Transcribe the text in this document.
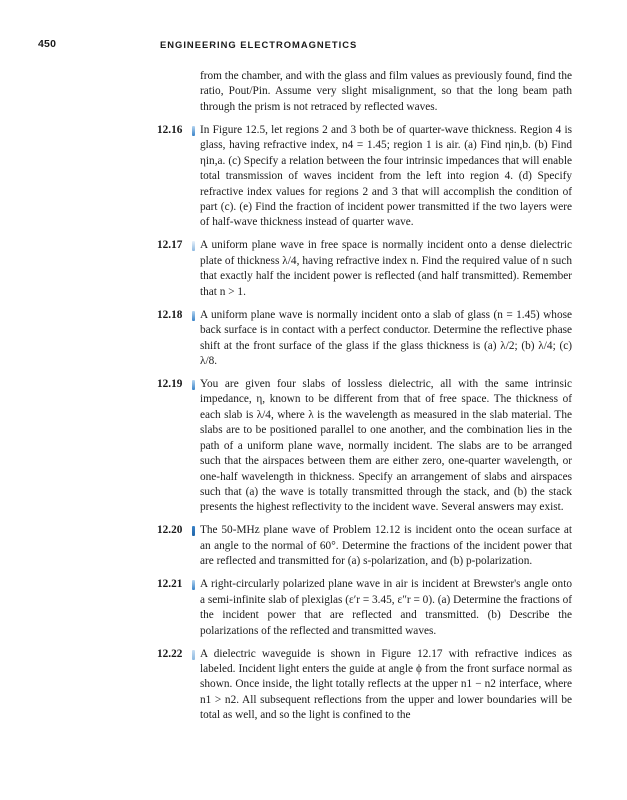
450	ENGINEERING ELECTROMAGNETICS

from the chamber, and with the glass and film values as previously found, find the ratio, Pout/Pin. Assume very slight misalignment, so that the long beam path through the prism is not retraced by reflected waves.

12.16	In Figure 12.5, let regions 2 and 3 both be of quarter-wave thickness. Region 4 is glass, having refractive index, n4 = 1.45; region 1 is air. (a) Find ηin,b. (b) Find ηin,a. (c) Specify a relation between the four intrinsic impedances that will enable total transmission of waves incident from the left into region 4. (d) Specify refractive index values for regions 2 and 3 that will accomplish the condition of part (c). (e) Find the fraction of incident power transmitted if the two layers were of half-wave thickness instead of quarter wave.

12.17	A uniform plane wave in free space is normally incident onto a dense dielectric plate of thickness λ/4, having refractive index n. Find the required value of n such that exactly half the incident power is reflected (and half transmitted). Remember that n > 1.

12.18	A uniform plane wave is normally incident onto a slab of glass (n = 1.45) whose back surface is in contact with a perfect conductor. Determine the reflective phase shift at the front surface of the glass if the glass thickness is (a) λ/2; (b) λ/4; (c) λ/8.

12.19	You are given four slabs of lossless dielectric, all with the same intrinsic impedance, η, known to be different from that of free space. The thickness of each slab is λ/4, where λ is the wavelength as measured in the slab material. The slabs are to be positioned parallel to one another, and the combination lies in the path of a uniform plane wave, normally incident. The slabs are to be arranged such that the airspaces between them are either zero, one-quarter wavelength, or one-half wavelength in thickness. Specify an arrangement of slabs and airspaces such that (a) the wave is totally transmitted through the stack, and (b) the stack presents the highest reflectivity to the incident wave. Several answers may exist.

12.20	The 50-MHz plane wave of Problem 12.12 is incident onto the ocean surface at an angle to the normal of 60°. Determine the fractions of the incident power that are reflected and transmitted for (a) s-polarization, and (b) p-polarization.

12.21	A right-circularly polarized plane wave in air is incident at Brewster's angle onto a semi-infinite slab of plexiglas (ε′r = 3.45, ε″r = 0). (a) Determine the fractions of the incident power that are reflected and transmitted. (b) Describe the polarizations of the reflected and transmitted waves.

12.22	A dielectric waveguide is shown in Figure 12.17 with refractive indices as labeled. Incident light enters the guide at angle ϕ from the front surface normal as shown. Once inside, the light totally reflects at the upper n1 − n2 interface, where n1 > n2. All subsequent reflections from the upper and lower boundaries will be total as well, and so the light is confined to the
